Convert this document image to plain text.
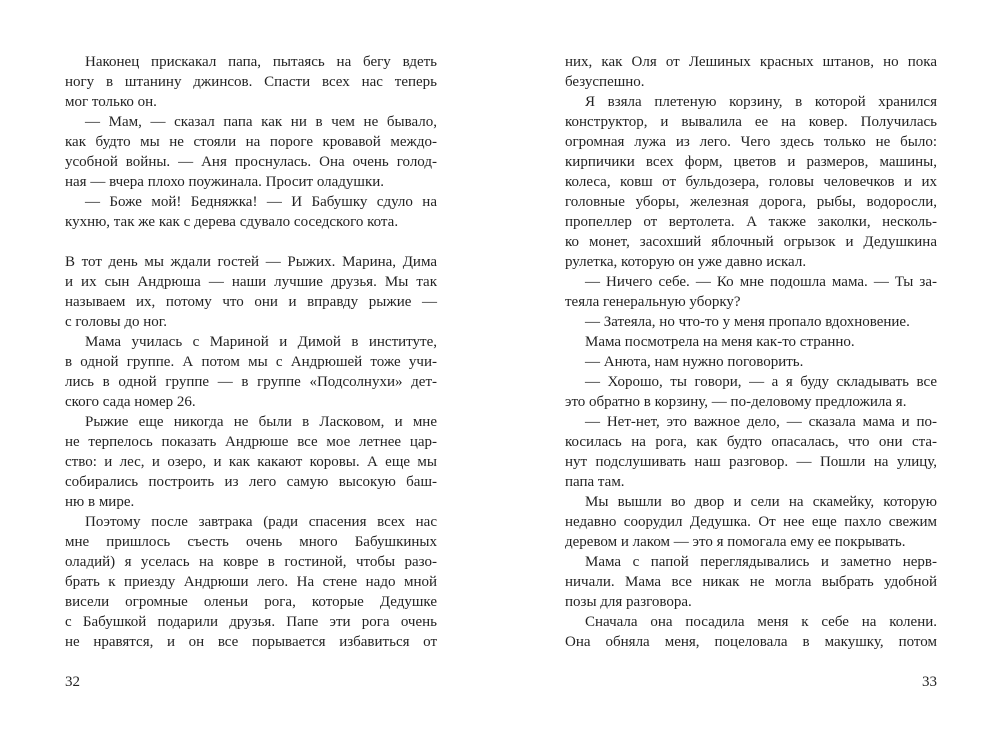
Наконец прискакал папа, пытаясь на бегу вдеть
ногу в штанину джинсов. Спасти всех нас теперь
мог только он.
— Мам, — сказал папа как ни в чем не бывало,
как будто мы не стояли на пороге кровавой междо-
усобной войны. — Аня проснулась. Она очень голод-
ная — вчера плохо поужинала. Просит оладушки.
— Боже мой! Бедняжка! — И Бабушку сдуло на
кухню, так же как с дерева сдувало соседского кота.
В тот день мы ждали гостей — Рыжих. Марина, Дима
и их сын Андрюша — наши лучшие друзья. Мы так
называем их, потому что они и вправду рыжие —
с головы до ног.
Мама училась с Мариной и Димой в институте,
в одной группе. А потом мы с Андрюшей тоже учи-
лись в одной группе — в группе «Подсолнухи» дет-
ского сада номер 26.
Рыжие еще никогда не были в Ласковом, и мне
не терпелось показать Андрюше все мое летнее цар-
ство: и лес, и озеро, и как какают коровы. А еще мы
собирались построить из лего самую высокую баш-
ню в мире.
Поэтому после завтрака (ради спасения всех нас
мне пришлось съесть очень много Бабушкиных
оладий) я уселась на ковре в гостиной, чтобы разо-
брать к приезду Андрюши лего. На стене надо мной
висели огромные оленьи рога, которые Дедушке
с Бабушкой подарили друзья. Папе эти рога очень
не нравятся, и он все порывается избавиться от
них, как Оля от Лешиных красных штанов, но пока
безуспешно.
Я взяла плетеную корзину, в которой хранился
конструктор, и вывалила ее на ковер. Получилась
огромная лужа из лего. Чего здесь только не было:
кирпичики всех форм, цветов и размеров, машины,
колеса, ковш от бульдозера, головы человечков и их
головные уборы, железная дорога, рыбы, водоросли,
пропеллер от вертолета. А также заколки, несколь-
ко монет, засохший яблочный огрызок и Дедушкина
рулетка, которую он уже давно искал.
— Ничего себе. — Ко мне подошла мама. — Ты за-
теяла генеральную уборку?
— Затеяла, но что-то у меня пропало вдохновение.
Мама посмотрела на меня как-то странно.
— Анюта, нам нужно поговорить.
— Хорошо, ты говори, — а я буду складывать все
это обратно в корзину, — по-деловому предложила я.
— Нет-нет, это важное дело, — сказала мама и по-
косилась на рога, как будто опасалась, что они ста-
нут подслушивать наш разговор. — Пошли на улицу,
папа там.
Мы вышли во двор и сели на скамейку, которую
недавно соорудил Дедушка. От нее еще пахло свежим
деревом и лаком — это я помогала ему ее покрывать.
Мама с папой переглядывались и заметно нерв-
ничали. Мама все никак не могла выбрать удобной
позы для разговора.
Сначала она посадила меня к себе на колени.
Она обняла меня, поцеловала в макушку, потом
32	33
